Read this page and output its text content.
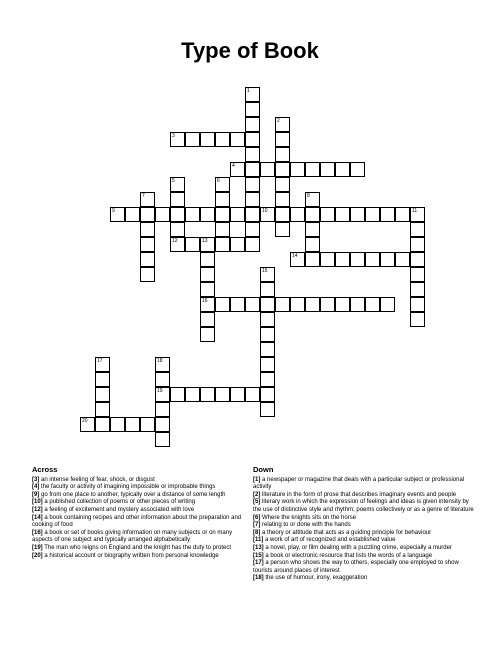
Type of Book
1
2
3
4
5
12
6
7	8
9	10	11
13
16
14
15
17	18
19
20
Across
[3] an intense feeling of fear, shock, or disgust
[4] the faculty or activity of imagining impossible or improbable things
[9] go from one place to another, typically over a distance of some length
[10] a published collection of poems or other pieces of writing
[12] a feeling of excitement and mystery associated with love
[14] a book containing recipes and other information about the preparation and cooking of food
[16] a book or set of books giving information on many subjects or on many aspects of one subject and typically arranged alphabetically
[19] The man who reigns on England and the knight has the duty to protect
[20] a historical account or biography written from personal knowledge
Down
[1] a newspaper or magazine that deals with a particular subject or professional activity
[2] literature in the form of prose that describes imaginary events and people
[5] literary work in which the expression of feelings and ideas is given intensity by the use of distinctive style and rhythm; poems collectively or as a genre of literature
[6] Where the knights sits on the horse
[7] relating to or done with the hands
[8] a theory or attitude that acts as a guiding principle for behaviour
[11] a work of art of recognized and established value
[13] a novel, play, or film dealing with a puzzling crime, especially a murder
[15] a book or electronic resource that lists the words of a language
[17] a person who shows the way to others, especially one employed to show tourists around places of interest
[18] the use of humour, irony, exaggeration
